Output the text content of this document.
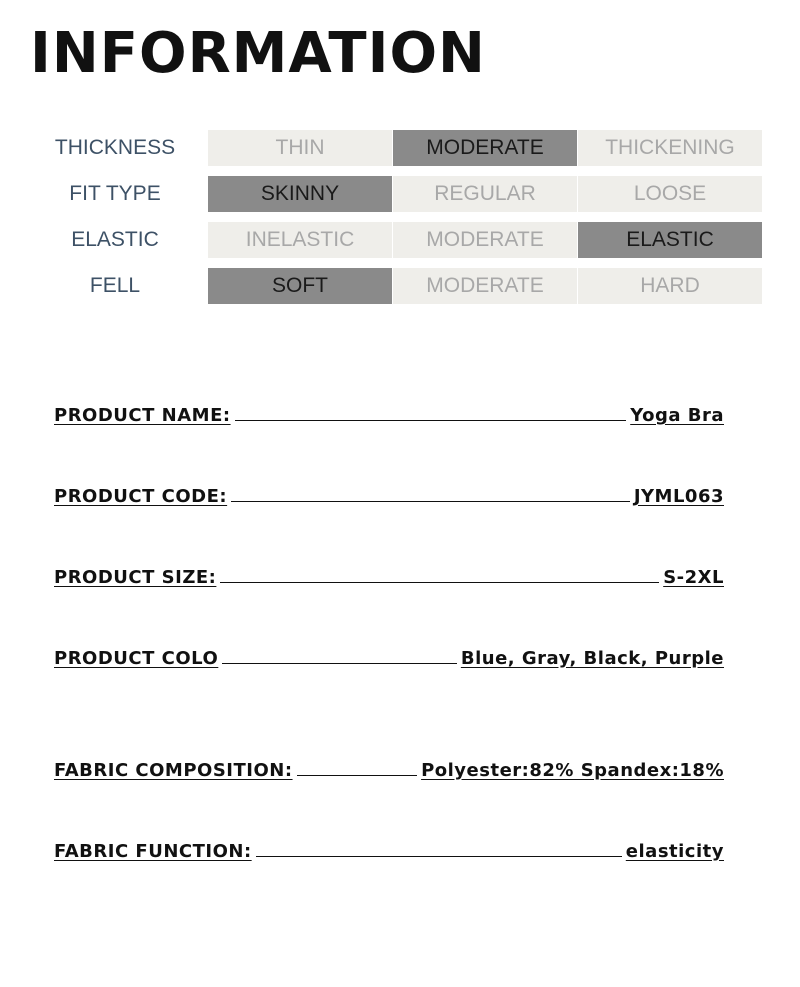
INFORMATION
THICKNESS	THIN	MODERATE	THICKENING
FIT TYPE	SKINNY	REGULAR	LOOSE
ELASTIC	INELASTIC	MODERATE	ELASTIC
FELL	SOFT	MODERATE	HARD
PRODUCT NAME:	Yoga Bra
PRODUCT CODE:	JYML063
PRODUCT SIZE:	S-2XL
PRODUCT COLO	Blue, Gray, Black, Purple
FABRIC COMPOSITION:	Polyester:82% Spandex:18%
FABRIC FUNCTION:	elasticity
